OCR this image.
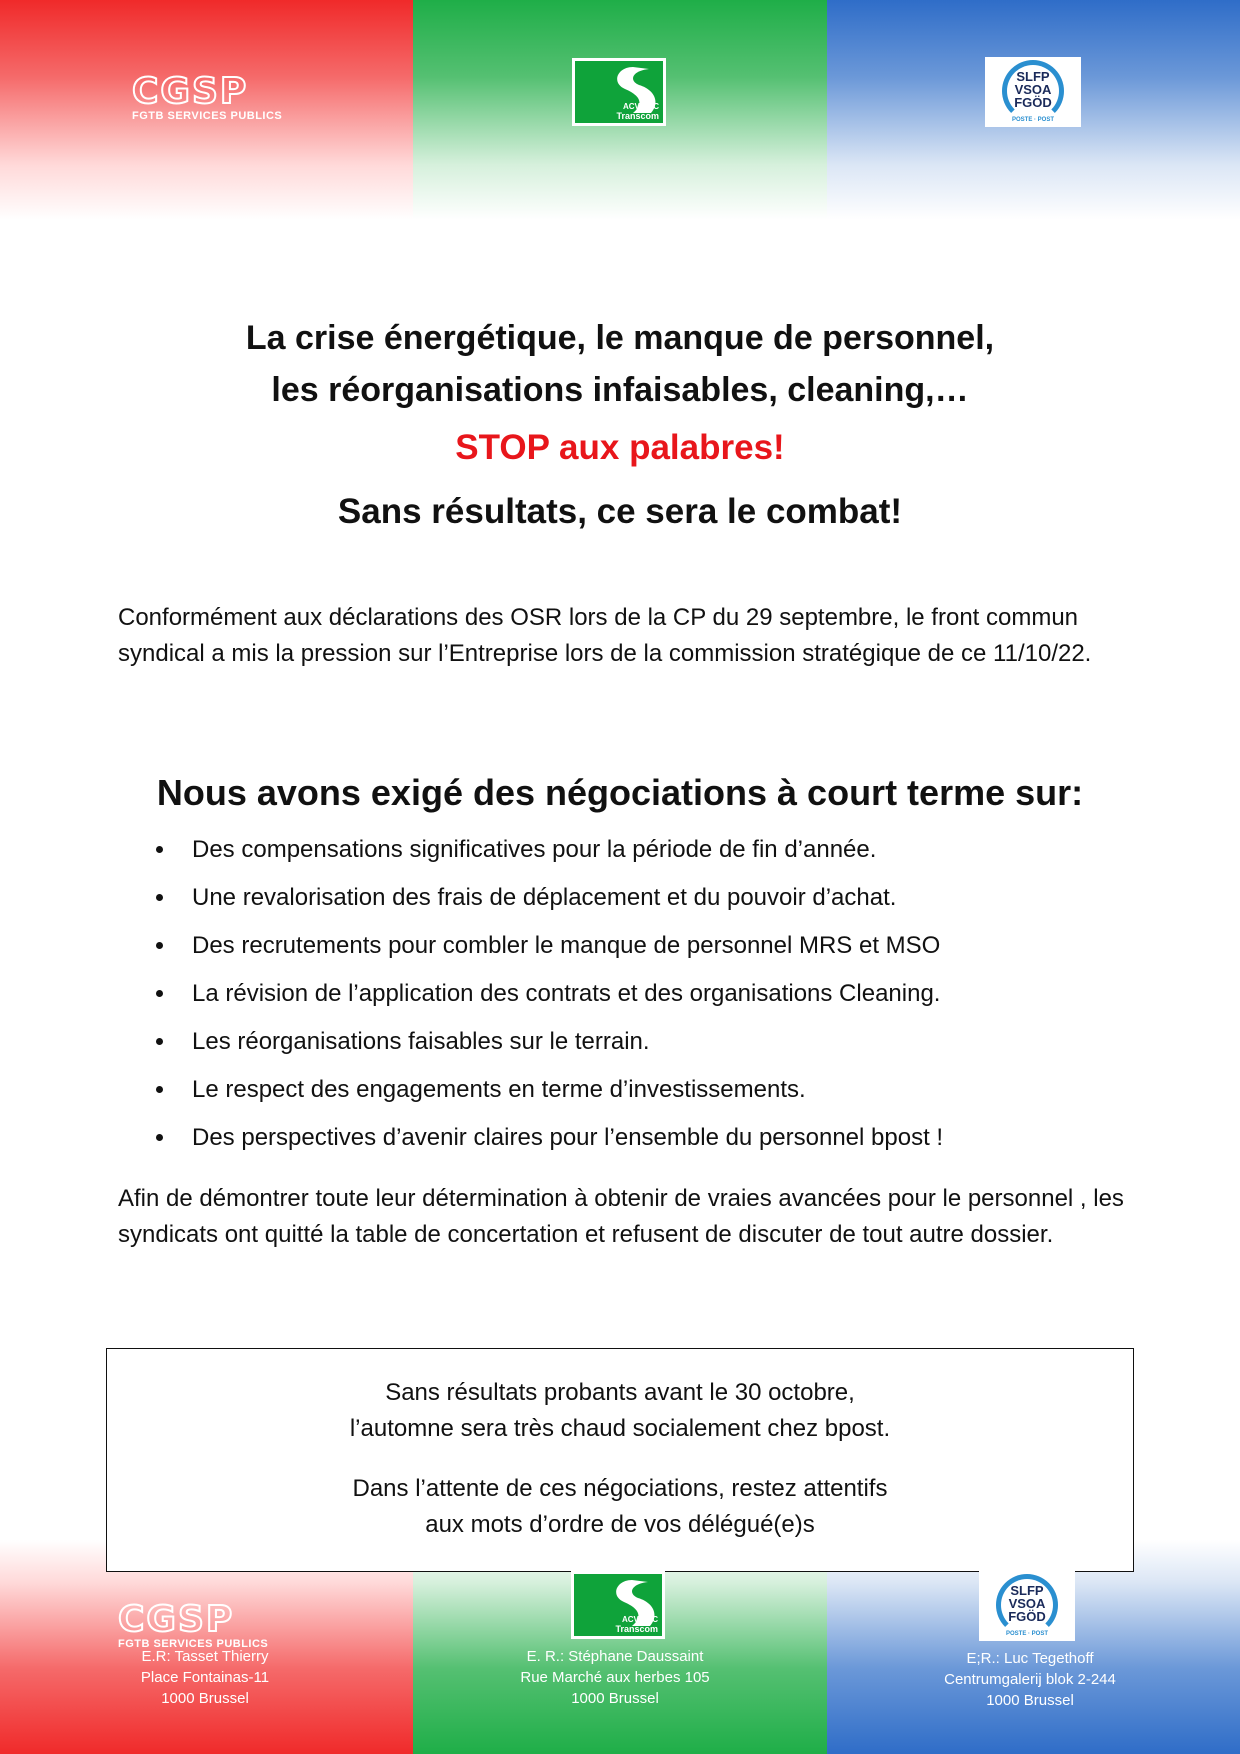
CGSP
FGTB SERVICES PUBLICS
ACV-CSC
Transcom
SLFP
VSOA
FGÖD
POSTE · POST
La crise énergétique, le manque de personnel,
les réorganisations infaisables, cleaning,…
STOP aux palabres!
Sans résultats, ce sera le combat!
Conformément aux déclarations des OSR lors de la CP du 29 septembre, le front commun syndical a mis la pression sur l’Entreprise lors de la commission stratégique de ce 11/10/22.
Nous avons exigé des négociations à court terme sur:
Des compensations significatives pour la période de fin d’année.
Une revalorisation des frais de déplacement et du pouvoir d’achat.
Des recrutements pour combler le manque de personnel MRS et MSO
La révision de l’application des contrats et des organisations Cleaning.
Les réorganisations faisables sur le terrain.
Le respect des engagements en terme d’investissements.
Des perspectives d’avenir claires pour l’ensemble du personnel bpost !
Afin de démontrer toute leur détermination à obtenir de vraies avancées pour le personnel , les syndicats ont quitté la table de concertation et refusent de discuter de tout autre dossier.
Sans résultats probants avant le 30 octobre,
l’automne sera très chaud socialement chez bpost.
Dans l’attente de ces négociations, restez attentifs
aux mots d’ordre de vos délégué(e)s
CGSP
FGTB SERVICES PUBLICS
ACV-CSC
Transcom
SLFP
VSOA
FGÖD
POSTE · POST
E.R: Tasset Thierry
Place Fontainas-11
1000 Brussel
E. R.: Stéphane Daussaint
Rue Marché aux herbes 105
1000 Brussel
E;R.: Luc Tegethoff
Centrumgalerij blok 2-244
1000 Brussel
